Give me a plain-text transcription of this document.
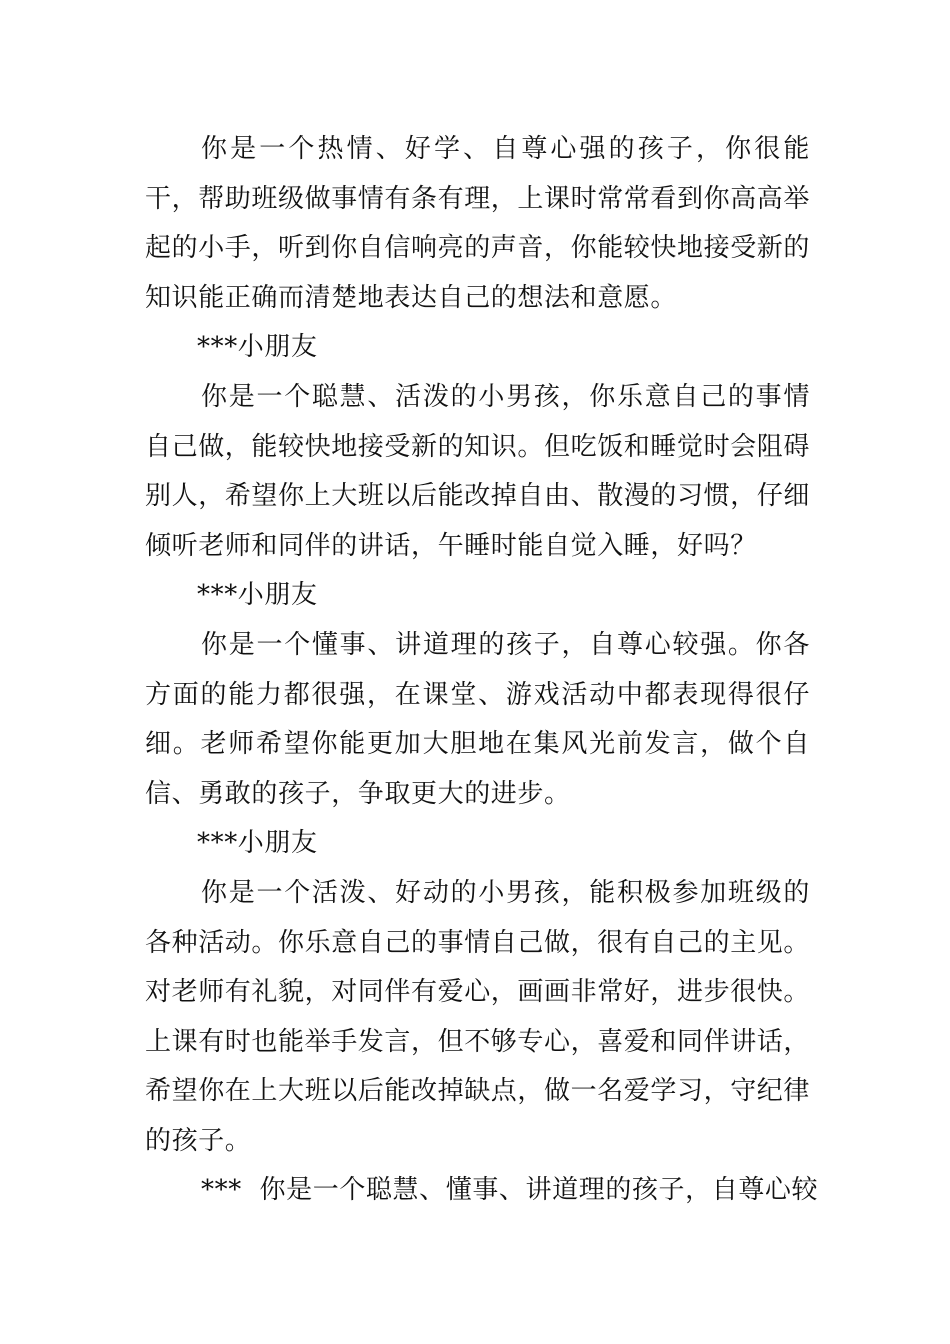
你是一个热情、好学、自尊心强的孩子，你很能干，帮助班级做事情有条有理，上课时常常看到你高高举起的小手，听到你自信响亮的声音，你能较快地接受新的知识能正确而清楚地表达自己的想法和意愿。

***小朋友

你是一个聪慧、活泼的小男孩，你乐意自己的事情自己做，能较快地接受新的知识。但吃饭和睡觉时会阻碍别人，希望你上大班以后能改掉自由、散漫的习惯，仔细倾听老师和同伴的讲话，午睡时能自觉入睡，好吗？

***小朋友

你是一个懂事、讲道理的孩子，自尊心较强。你各方面的能力都很强，在课堂、游戏活动中都表现得很仔细。老师希望你能更加大胆地在集风光前发言，做个自信、勇敢的孩子，争取更大的进步。

***小朋友

你是一个活泼、好动的小男孩，能积极参加班级的各种活动。你乐意自己的事情自己做，很有自己的主见。对老师有礼貌，对同伴有爱心，画画非常好，进步很快。上课有时也能举手发言，但不够专心，喜爱和同伴讲话，希望你在上大班以后能改掉缺点，做一名爱学习，守纪律的孩子。

***  你是一个聪慧、懂事、讲道理的孩子，自尊心较
